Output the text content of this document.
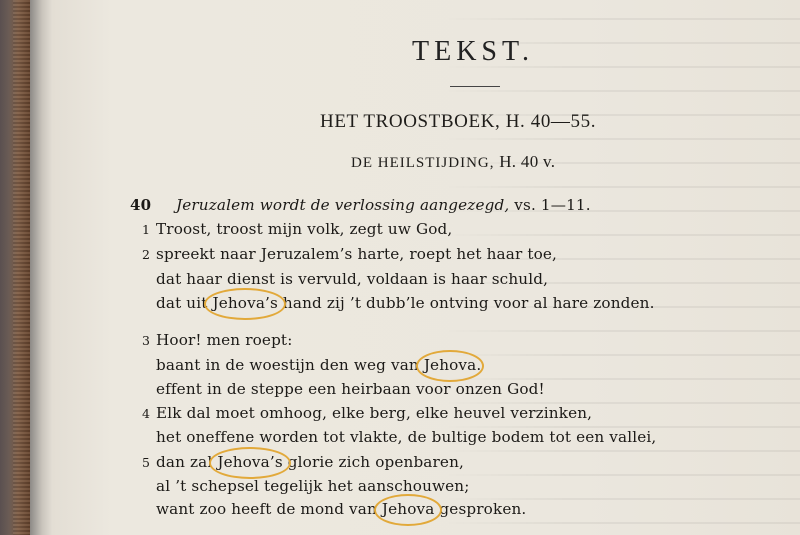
TEKST.
HET TROOSTBOEK, H. 40—55.
DE HEILSTIJDING, H. 40 v.
40 Jeruzalem wordt de verlossing aangezegd, vs. 1—11.
1 Troost, troost mijn volk, zegt uw God,
2 spreekt naar Jeruzalem’s harte, roept het haar toe,
dat haar dienst is vervuld, voldaan is haar schuld,
dat uit Jehova’s hand zij ’t dubb’le ontving voor al hare zonden.
3 Hoor! men roept:
baant in de woestijn den weg van Jehova.
effent in de steppe een heirbaan voor onzen God!
4 Elk dal moet omhoog, elke berg, elke heuvel verzinken,
het oneffene worden tot vlakte, de bultige bodem tot een vallei,
5 dan zal Jehova’s glorie zich openbaren,
al ’t schepsel tegelijk het aanschouwen;
want zoo heeft de mond van Jehova gesproken.
